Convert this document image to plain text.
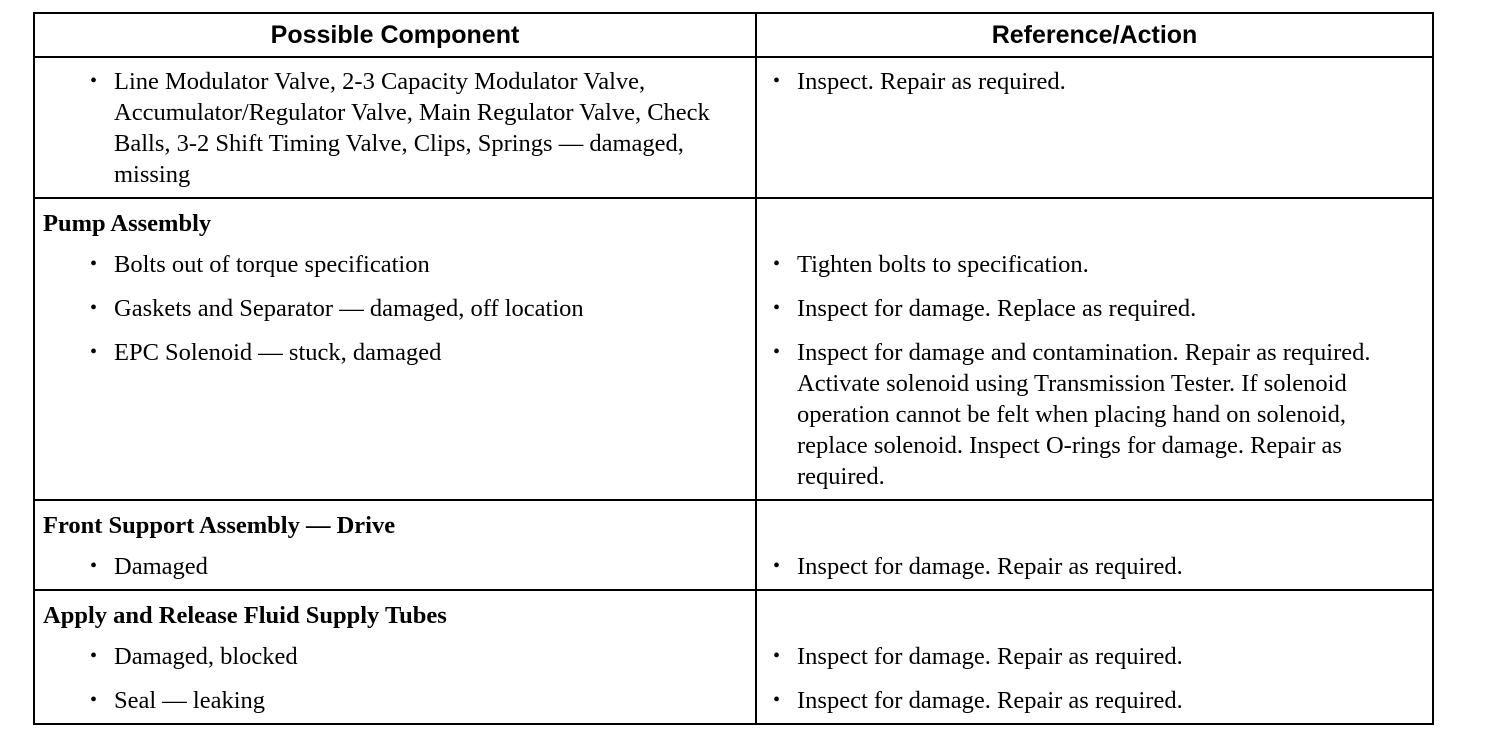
Possible Component	Reference/Action

• Line Modulator Valve, 2-3 Capacity Modulator Valve, Accumulator/Regulator Valve, Main Regulator Valve, Check Balls, 3-2 Shift Timing Valve, Clips, Springs — damaged, missing	• Inspect. Repair as required.

Pump Assembly	

• Bolts out of torque specification	• Tighten bolts to specification.

• Gaskets and Separator — damaged, off location	• Inspect for damage. Replace as required.

• EPC Solenoid — stuck, damaged	• Inspect for damage and contamination. Repair as required. Activate solenoid using Transmission Tester. If solenoid operation cannot be felt when placing hand on solenoid, replace solenoid. Inspect O-rings for damage. Repair as required.

Front Support Assembly — Drive	

• Damaged	• Inspect for damage. Repair as required.

Apply and Release Fluid Supply Tubes	

• Damaged, blocked	• Inspect for damage. Repair as required.

• Seal — leaking	• Inspect for damage. Repair as required.
